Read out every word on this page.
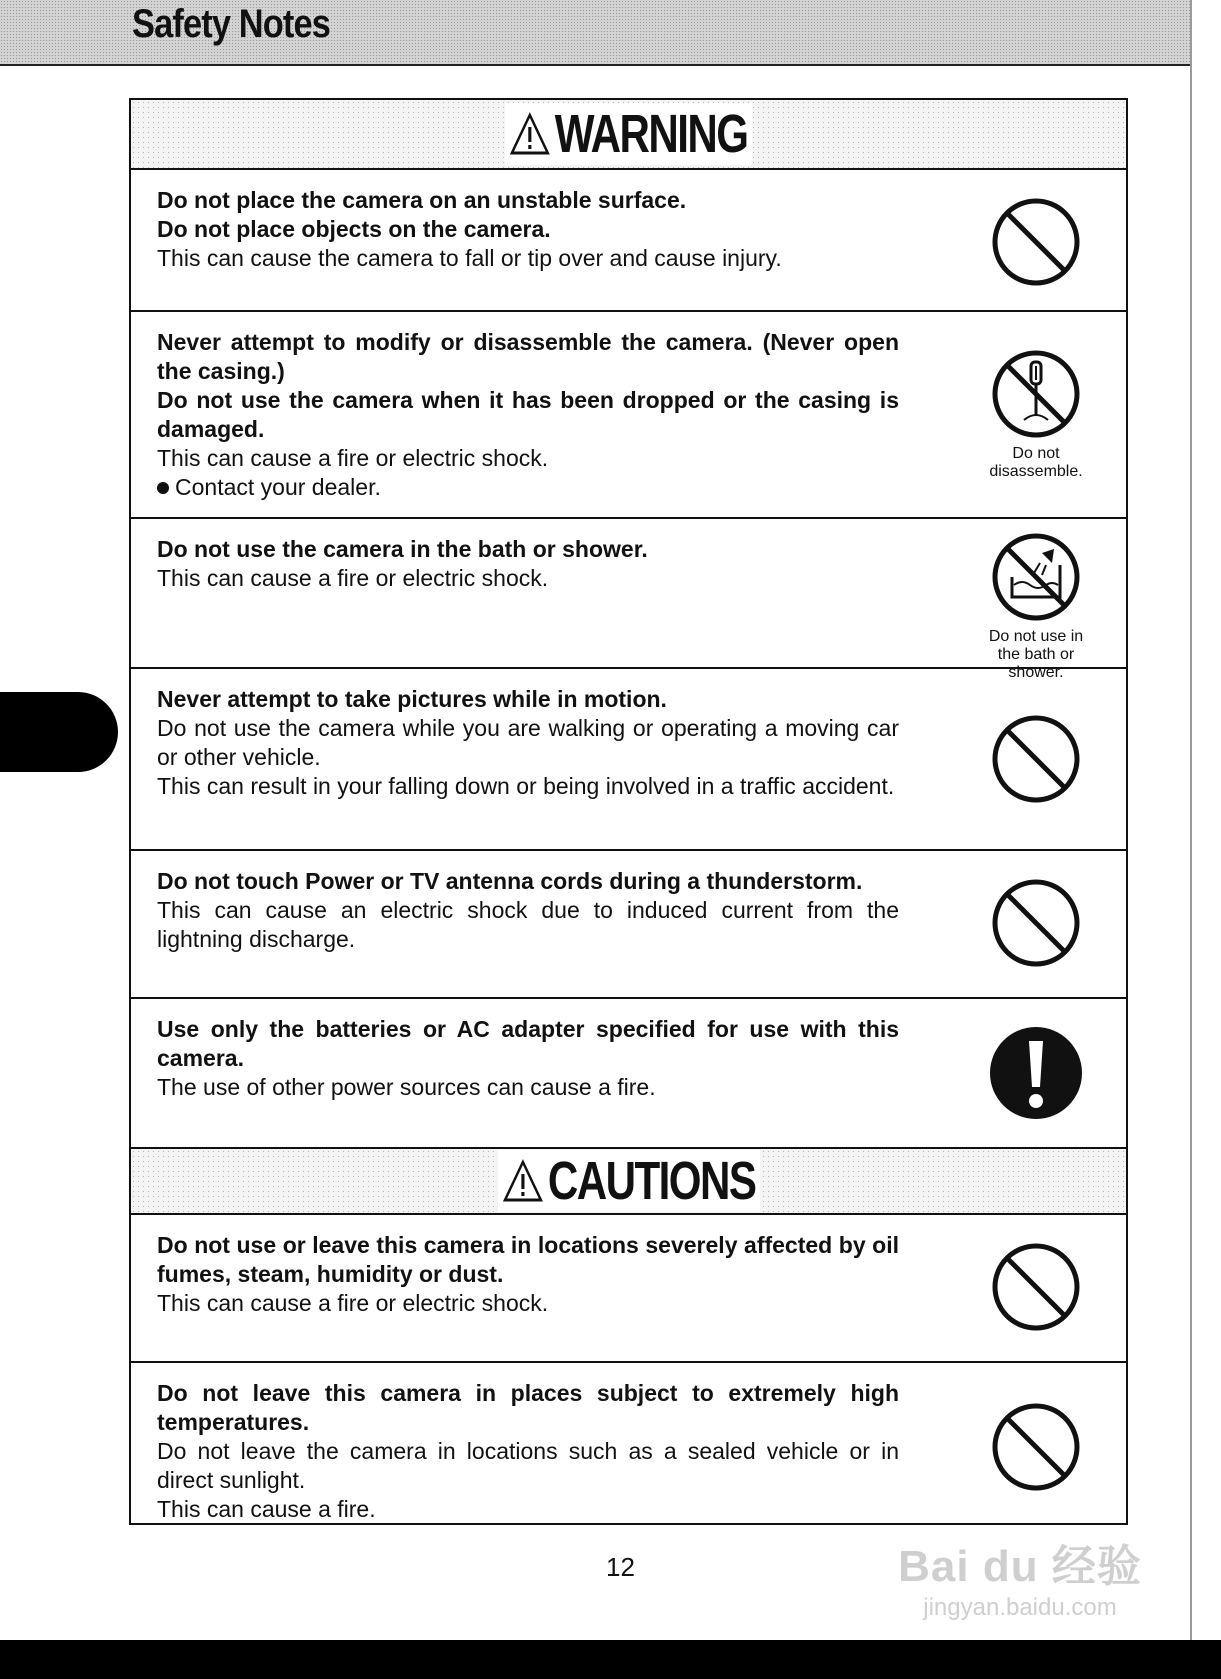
Safety Notes
WARNING

Do not place the camera on an unstable surface.

Do not place objects on the camera.

This can cause the camera to fall or tip over and cause injury.

Never attempt to modify or disassemble the camera. (Never open the casing.)

Do not use the camera when it has been dropped or the casing is damaged.

This can cause a fire or electric shock.

Contact your dealer.

Do not
disassemble.

Do not use the camera in the bath or shower.

This can cause a fire or electric shock.

Do not use in
the bath or shower.

Never attempt to take pictures while in motion.

Do not use the camera while you are walking or operating a moving car or other vehicle.

This can result in your falling down or being involved in a traffic accident.

Do not touch Power or TV antenna cords during a thunderstorm.

This can cause an electric shock due to induced current from the lightning discharge.

Use only the batteries or AC adapter specified for use with this camera.

The use of other power sources can cause a fire.

CAUTIONS

Do not use or leave this camera in locations severely affected by oil fumes, steam, humidity or dust.

This can cause a fire or electric shock.

Do not leave this camera in places subject to extremely high temperatures.

Do not leave the camera in locations such as a sealed vehicle or in direct sunlight.

This can cause a fire.

12	Bai du 经验
jingyan.baidu.com
